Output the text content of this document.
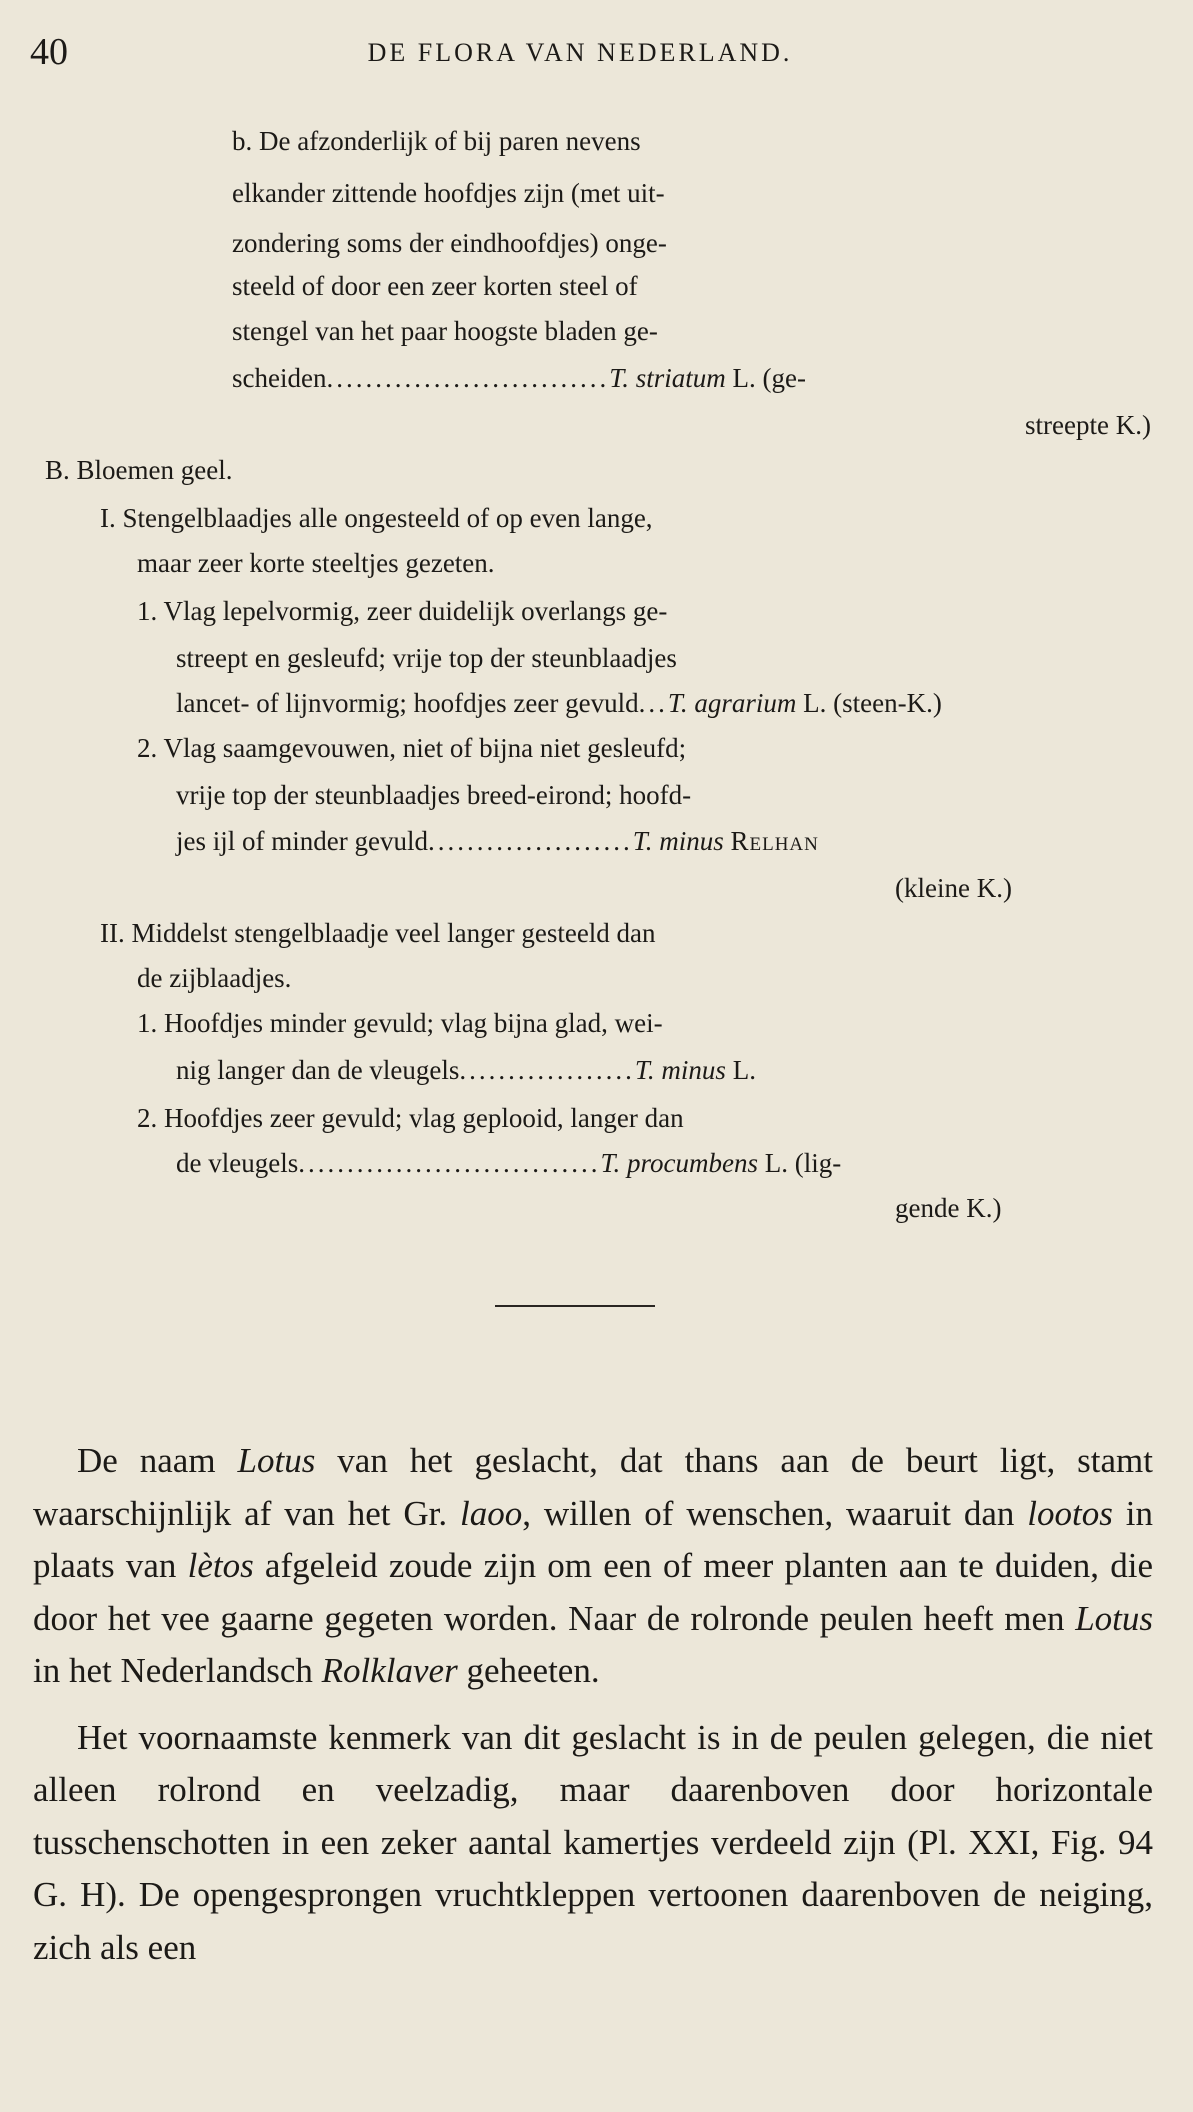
40	DE FLORA VAN NEDERLAND.
b. De afzonderlijk of bij paren nevens
elkander zittende hoofdjes zijn (met uit-
zondering soms der eindhoofdjes) onge-
steeld of door een zeer korten steel of
stengel van het paar hoogste bladen ge-
scheiden.............................T. striatum L. (ge-
streepte K.)
B. Bloemen geel.
I. Stengelblaadjes alle ongesteeld of op even lange,
maar zeer korte steeltjes gezeten.
1. Vlag lepelvormig, zeer duidelijk overlangs ge-
streept en gesleufd; vrije top der steunblaadjes
lancet- of lijnvormig; hoofdjes zeer gevuld...T. agrarium L. (steen-K.)
2. Vlag saamgevouwen, niet of bijna niet gesleufd;
vrije top der steunblaadjes breed-eirond; hoofd-
jes ijl of minder gevuld.....................T. minus Relhan
(kleine K.)
II. Middelst stengelblaadje veel langer gesteeld dan
de zijblaadjes.
1. Hoofdjes minder gevuld; vlag bijna glad, wei-
nig langer dan de vleugels..................T. minus L.
2. Hoofdjes zeer gevuld; vlag geplooid, langer dan
de vleugels...............................T. procumbens L. (lig-
gende K.)

De naam Lotus van het geslacht, dat thans aan de beurt ligt, stamt waarschijnlijk af van het Gr. laoo, willen of wenschen, waaruit dan lootos in plaats van lètos afgeleid zoude zijn om een of meer planten aan te duiden, die door het vee gaarne gegeten worden. Naar de rolronde peulen heeft men Lotus in het Nederlandsch Rolklaver geheeten.

Het voornaamste kenmerk van dit geslacht is in de peulen gelegen, die niet alleen rolrond en veelzadig, maar daarenboven door horizontale tusschenschotten in een zeker aantal kamertjes verdeeld zijn (Pl. XXI, Fig. 94 G. H). De opengesprongen vruchtkleppen vertoonen daarenboven de neiging, zich als een
